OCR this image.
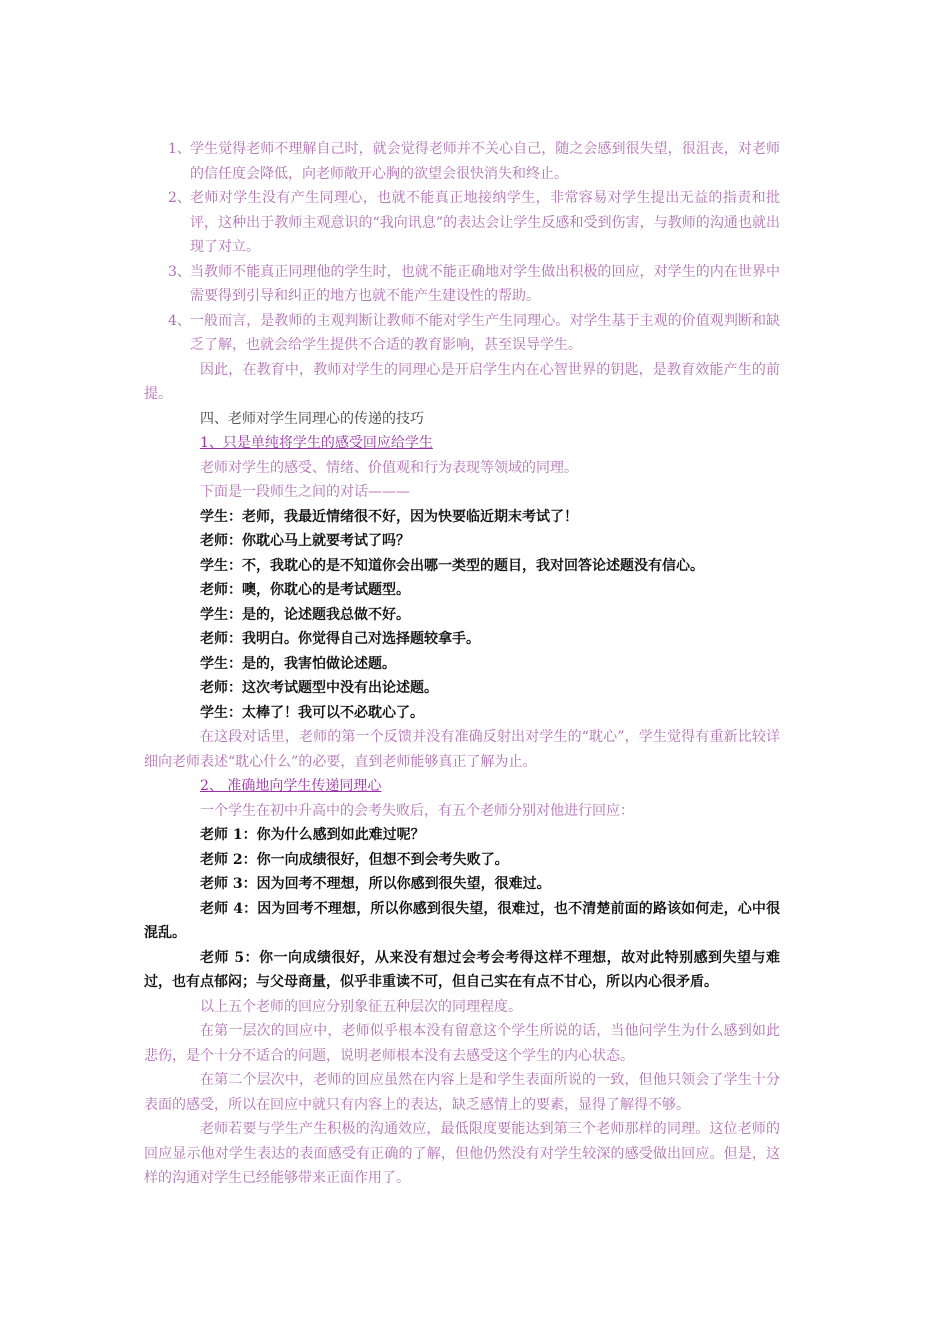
1、 学生觉得老师不理解自己时，就会觉得老师并不关心自己，随之会感到很失望，很沮丧，对老师的信任度会降低，向老师敞开心胸的欲望会很快消失和终止。
2、 老师对学生没有产生同理心，也就不能真正地接纳学生，非常容易对学生提出无益的指责和批评，这种出于教师主观意识的“我向讯息”的表达会让学生反感和受到伤害，与教师的沟通也就出现了对立。
3、 当教师不能真正同理他的学生时，也就不能正确地对学生做出积极的回应，对学生的内在世界中需要得到引导和纠正的地方也就不能产生建设性的帮助。
4、 一般而言，是教师的主观判断让教师不能对学生产生同理心。对学生基于主观的价值观判断和缺乏了解，也就会给学生提供不合适的教育影响，甚至误导学生。

因此，在教育中，教师对学生的同理心是开启学生内在心智世界的钥匙，是教育效能产生的前提。

四、老师对学生同理心的传递的技巧

1、只是单纯将学生的感受回应给学生

老师对学生的感受、情绪、价值观和行为表现等领域的同理。

下面是一段师生之间的对话———

学生：老师，我最近情绪很不好，因为快要临近期末考试了！

老师：你耽心马上就要考试了吗？

学生：不，我耽心的是不知道你会出哪一类型的题目，我对回答论述题没有信心。

老师：噢，你耽心的是考试题型。

学生：是的，论述题我总做不好。

老师：我明白。你觉得自己对选择题较拿手。

学生：是的，我害怕做论述题。

老师：这次考试题型中没有出论述题。

学生：太棒了！我可以不必耽心了。

在这段对话里，老师的第一个反馈并没有准确反射出对学生的“耽心”，学生觉得有重新比较详细向老师表述“耽心什么”的必要，直到老师能够真正了解为止。

2、 准确地向学生传递同理心

一个学生在初中升高中的会考失败后，有五个老师分别对他进行回应：

老师 1：你为什么感到如此难过呢？

老师 2：你一向成绩很好，但想不到会考失败了。

老师 3：因为回考不理想，所以你感到很失望，很难过。

老师 4：因为回考不理想，所以你感到很失望，很难过，也不清楚前面的路该如何走，心中很混乱。

老师 5：你一向成绩很好，从来没有想过会考会考得这样不理想，故对此特别感到失望与难过，也有点郁闷；与父母商量，似乎非重读不可，但自己实在有点不甘心，所以内心很矛盾。

以上五个老师的回应分别象征五种层次的同理程度。

在第一层次的回应中，老师似乎根本没有留意这个学生所说的话，当他问学生为什么感到如此悲伤，是个十分不适合的问题，说明老师根本没有去感受这个学生的内心状态。

在第二个层次中，老师的回应虽然在内容上是和学生表面所说的一致，但他只领会了学生十分表面的感受，所以在回应中就只有内容上的表达，缺乏感情上的要素，显得了解得不够。

老师若要与学生产生积极的沟通效应，最低限度要能达到第三个老师那样的同理。这位老师的回应显示他对学生表达的表面感受有正确的了解，但他仍然没有对学生较深的感受做出回应。但是，这样的沟通对学生已经能够带来正面作用了。
